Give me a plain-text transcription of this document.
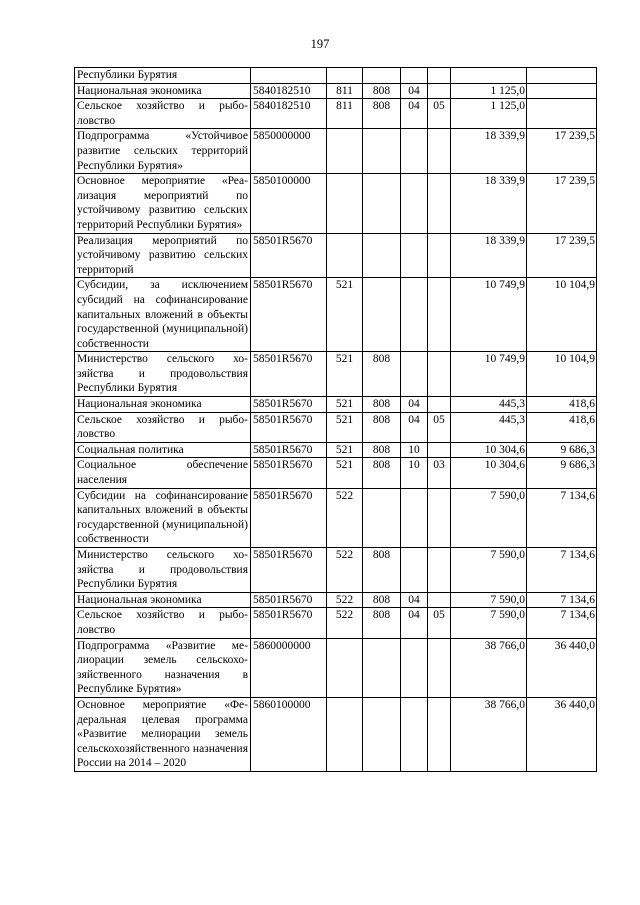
197
Республики Бурятия							
Национальная экономика	5840182510	811	808	04		1 125,0	
Сельское хозяйство и рыболовство	5840182510	811	808	04	05	1 125,0	
Подпрограмма «Устойчивое развитие сельских территорий Республики Бурятия»	5850000000					18 339,9	17 239,5
Основное мероприятие «Реализация мероприятий по устойчивому развитию сельских территорий Республики Бурятия»	5850100000					18 339,9	17 239,5
Реализация мероприятий по устойчивому развитию сельских территорий	58501R5670					18 339,9	17 239,5
Субсидии, за исключением субсидий на софинансирование капитальных вложений в объекты государственной (муниципальной) собственности	58501R5670	521				10 749,9	10 104,9
Министерство сельского хозяйства и продовольствия Республики Бурятия	58501R5670	521	808			10 749,9	10 104,9
Национальная экономика	58501R5670	521	808	04		445,3	418,6
Сельское хозяйство и рыболовство	58501R5670	521	808	04	05	445,3	418,6
Социальная политика	58501R5670	521	808	10		10 304,6	9 686,3
Социальное обеспечение населения	58501R5670	521	808	10	03	10 304,6	9 686,3
Субсидии на софинансирование капитальных вложений в объекты государственной (муниципальной) собственности	58501R5670	522				7 590,0	7 134,6
Министерство сельского хозяйства и продовольствия Республики Бурятия	58501R5670	522	808			7 590,0	7 134,6
Национальная экономика	58501R5670	522	808	04		7 590,0	7 134,6
Сельское хозяйство и рыболовство	58501R5670	522	808	04	05	7 590,0	7 134,6
Подпрограмма «Развитие мелиорации земель сельскохозяйственного назначения в Республике Бурятия»	5860000000					38 766,0	36 440,0
Основное мероприятие «Федеральная целевая программа «Развитие мелиорации земель сельскохозяйственного назначения России на 2014 – 2020	5860100000					38 766,0	36 440,0
